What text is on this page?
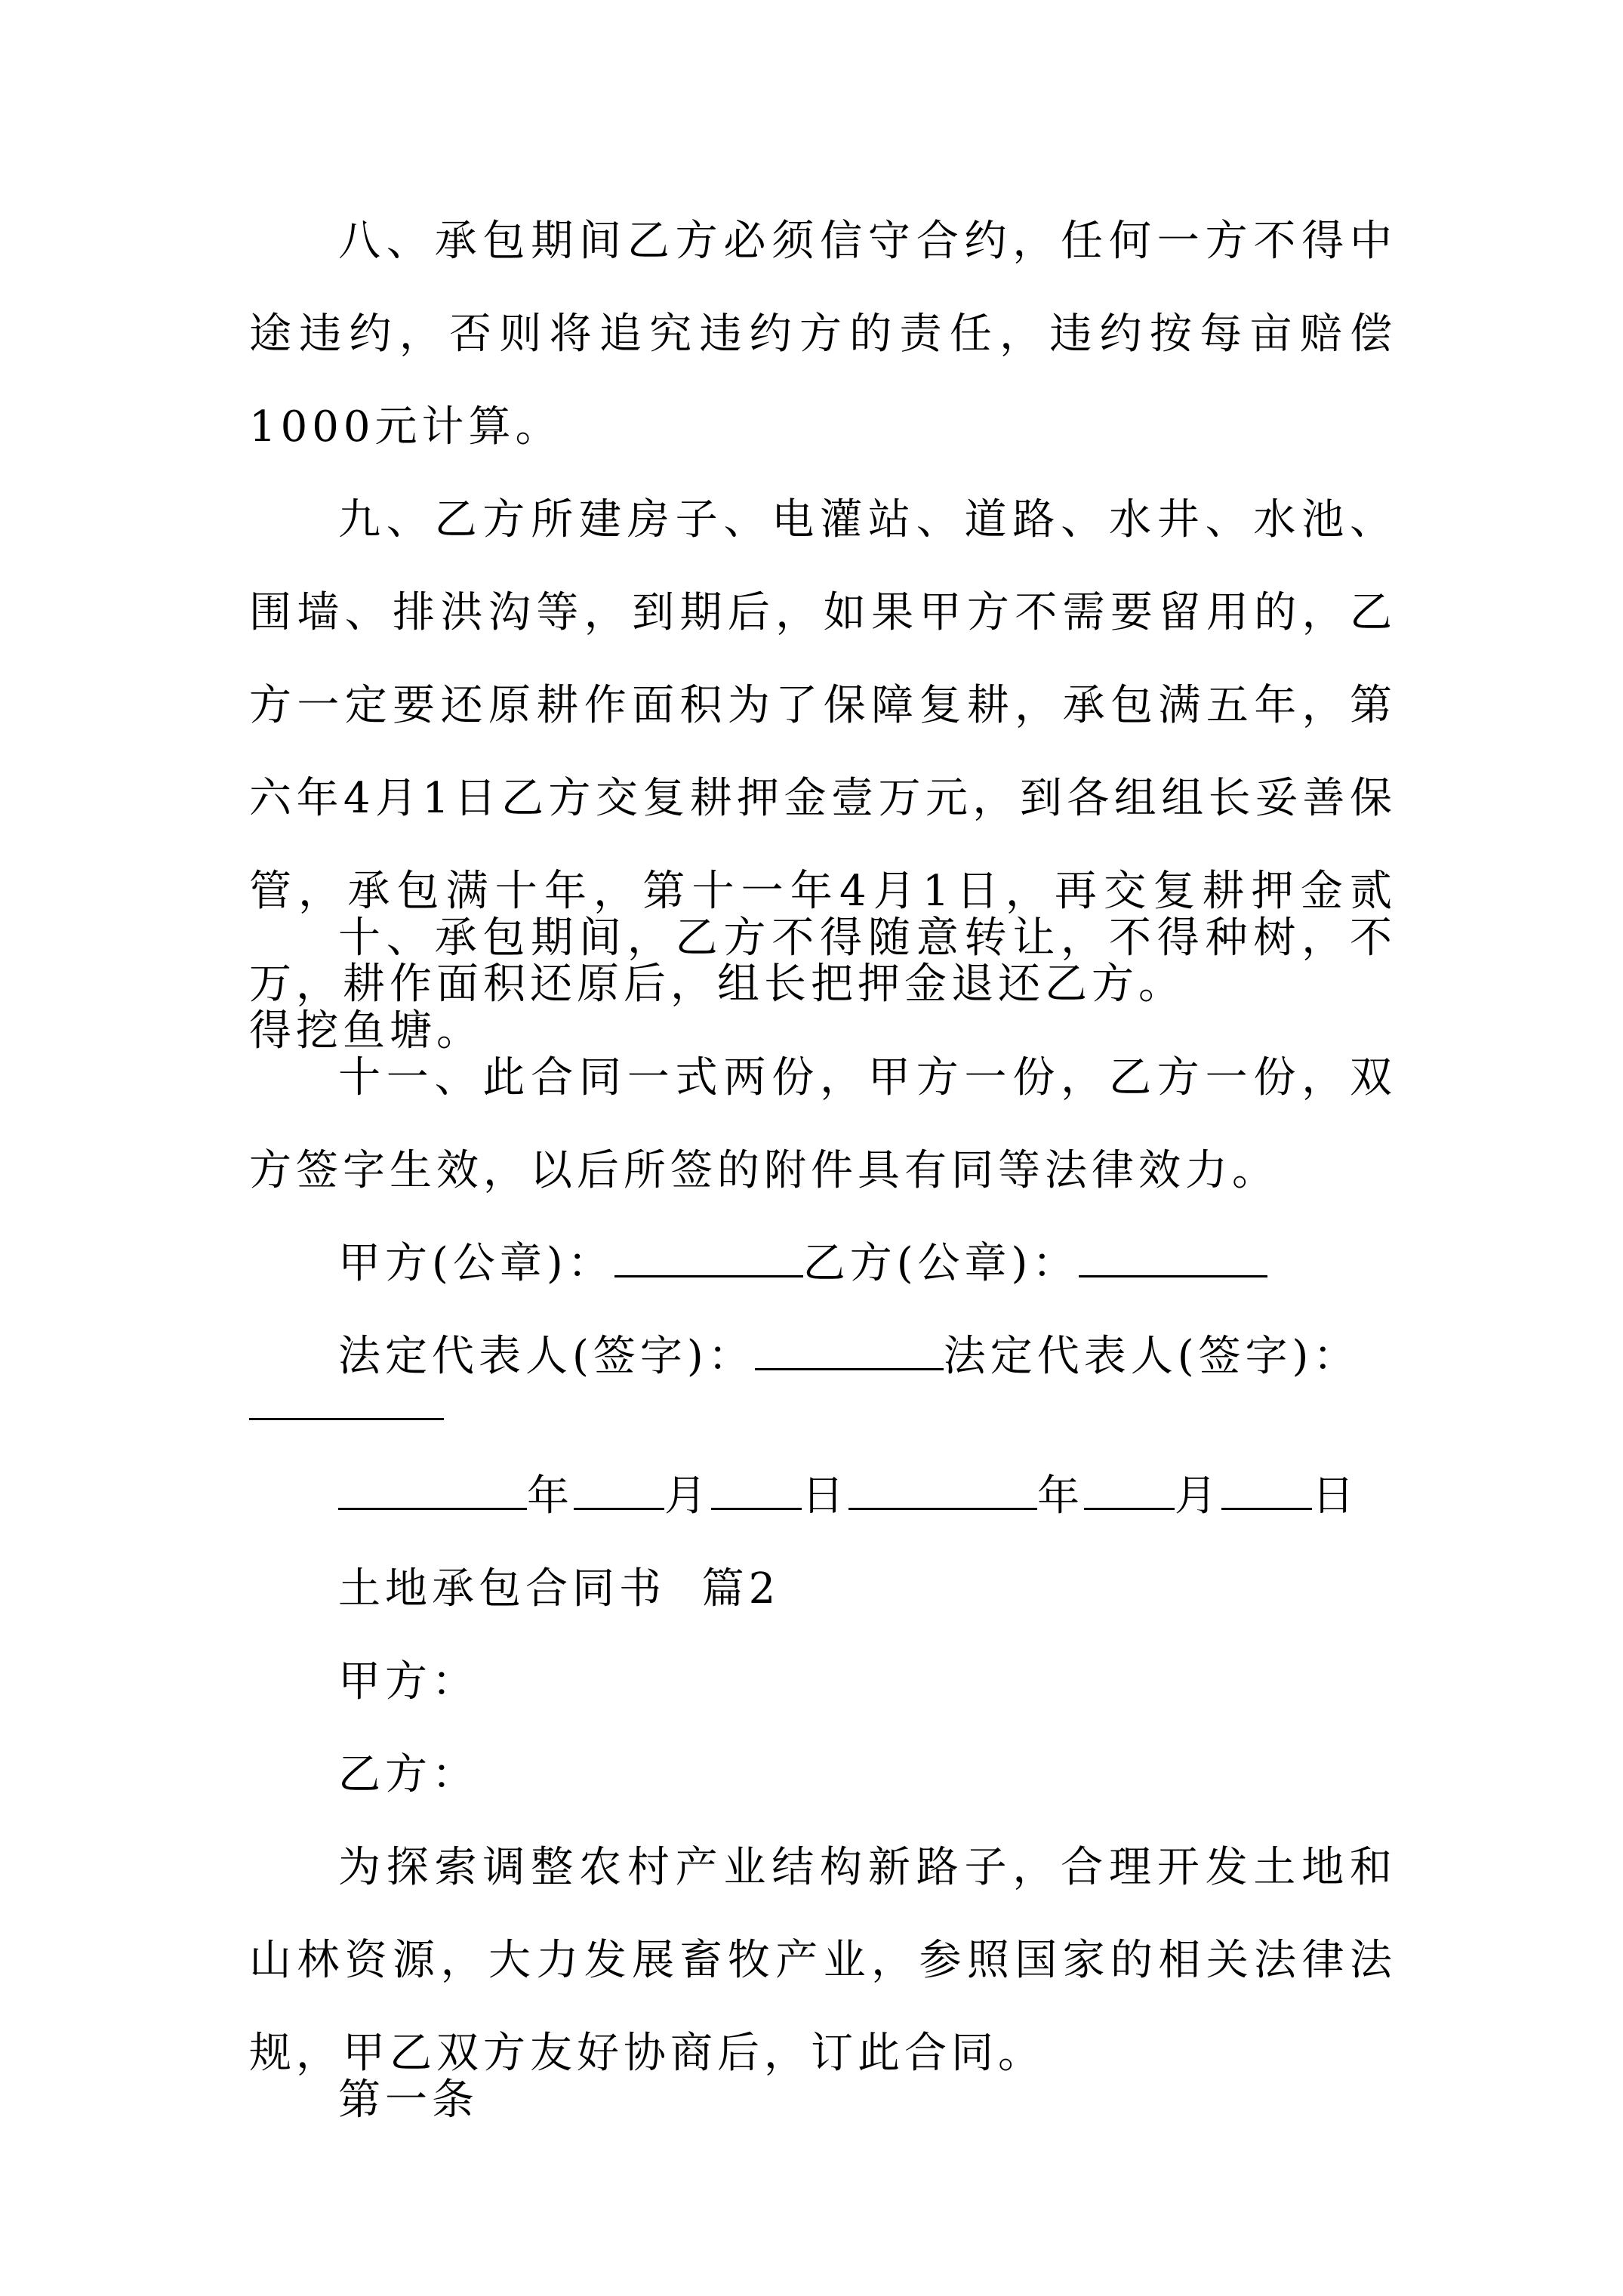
八、承包期间乙方必须信守合约，任何一方不得中途违约，否则将追究违约方的责任，违约按每亩赔偿1000元计算。

九、乙方所建房子、电灌站、道路、水井、水池、围墙、排洪沟等，到期后，如果甲方不需要留用的，乙方一定要还原耕作面积为了保障复耕，承包满五年，第六年4月1日乙方交复耕押金壹万元，到各组组长妥善保管，承包满十年，第十一年4月1日，再交复耕押金贰万，耕作面积还原后，组长把押金退还乙方。

十、承包期间，乙方不得随意转让，不得种树，不得挖鱼塘。

十一、此合同一式两份，甲方一份，乙方一份，双方签字生效，以后所签的附件具有同等法律效力。

甲方(公章)：	乙方(公章)：
法定代表人(签字)：	法定代表人(签字)：
年 月 日	年 月 日
土地承包合同书  篇2
甲方：
乙方：

为探索调整农村产业结构新路子，合理开发土地和山林资源，大力发展畜牧产业，参照国家的相关法律法规，甲乙双方友好协商后，订此合同。

第一条
